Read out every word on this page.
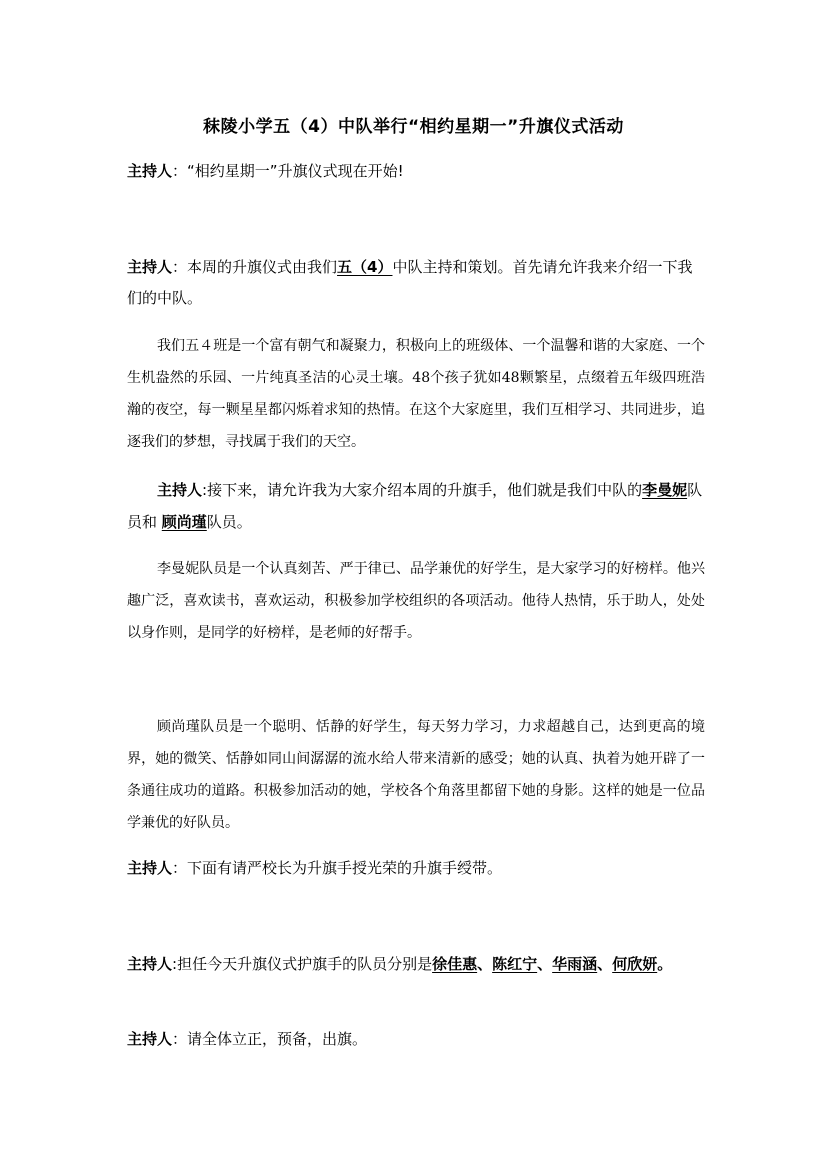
秣陵小学五（4）中队举行“相约星期一”升旗仪式活动
主持人：“相约星期一”升旗仪式现在开始!
主持人：本周的升旗仪式由我们五（4）中队主持和策划。首先请允许我来介绍一下我们的中队。
我们五４班是一个富有朝气和凝聚力，积极向上的班级体、一个温馨和谐的大家庭、一个生机盎然的乐园、一片纯真圣洁的心灵土壤。48个孩子犹如48颗繁星，点缀着五年级四班浩瀚的夜空，每一颗星星都闪烁着求知的热情。在这个大家庭里，我们互相学习、共同进步，追逐我们的梦想，寻找属于我们的天空。
主持人:接下来，请允许我为大家介绍本周的升旗手，他们就是我们中队的李曼妮队员和 顾尚瑾队员。
李曼妮队员是一个认真刻苦、严于律已、品学兼优的好学生，是大家学习的好榜样。他兴趣广泛，喜欢读书，喜欢运动，积极参加学校组织的各项活动。他待人热情，乐于助人，处处以身作则，是同学的好榜样，是老师的好帮手。
顾尚瑾队员是一个聪明、恬静的好学生，每天努力学习，力求超越自己，达到更高的境界，她的微笑、恬静如同山间潺潺的流水给人带来清新的感受；她的认真、执着为她开辟了一条通往成功的道路。积极参加活动的她，学校各个角落里都留下她的身影。这样的她是一位品学兼优的好队员。
主持人：下面有请严校长为升旗手授光荣的升旗手绶带。
主持人:担任今天升旗仪式护旗手的队员分别是徐佳惠、陈红宁、华雨涵、何欣妍。
主持人：请全体立正，预备，出旗。
